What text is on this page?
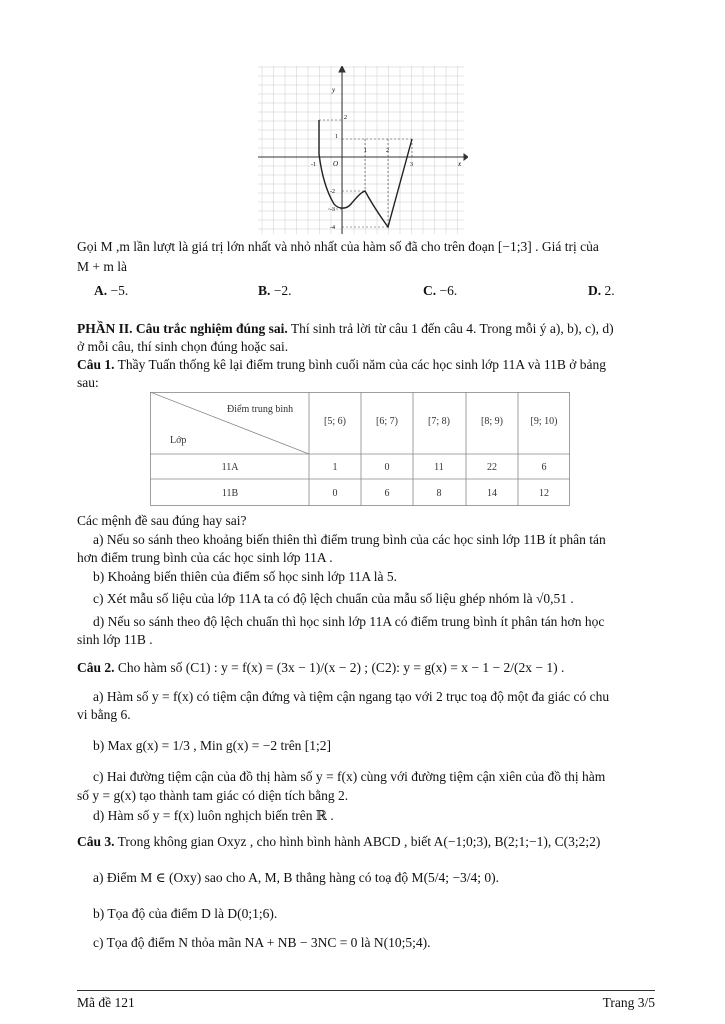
y
x
O
-1
1	2
3
2
1
-2
-3
-4
Gọi M ,m lần lượt là giá trị lớn nhất và nhỏ nhất của hàm số đã cho trên đoạn [−1;3] . Giá trị của
M + m là
A. −5.	B. −2.	C. −6.	D. 2.
PHẦN II. Câu trắc nghiệm đúng sai. Thí sinh trả lời từ câu 1 đến câu 4. Trong mỗi ý a), b), c), d)
ở mỗi câu, thí sinh chọn đúng hoặc sai.
Câu 1. Thầy Tuấn thống kê lại điểm trung bình cuối năm của các học sinh lớp 11A và 11B ở bảng
sau:
Điểm trung bình
Lớp
[5; 6)	[6; 7)	[7; 8)	[8; 9)	[9; 10)
11A	1	0	11	22	6
11B	0	6	8	14	12
Các mệnh đề sau đúng hay sai?
a) Nếu so sánh theo khoảng biến thiên thì điểm trung bình của các học sinh lớp 11B ít phân tán
hơn điểm trung bình của các học sinh lớp 11A .
b) Khoảng biến thiên của điểm số học sinh lớp 11A là 5.
c) Xét mẫu số liệu của lớp 11A ta có độ lệch chuẩn của mẫu số liệu ghép nhóm là √0,51 .
d) Nếu so sánh theo độ lệch chuẩn thì học sinh lớp 11A có điểm trung bình ít phân tán hơn học
sinh lớp 11B .
Câu 2. Cho hàm số (C1) : y = f(x) = (3x − 1)/(x − 2) ; (C2): y = g(x) = x − 1 − 2/(2x − 1) .
a) Hàm số y = f(x) có tiệm cận đứng và tiệm cận ngang tạo với 2 trục toạ độ một đa giác có chu
vi bằng 6.
b) Max g(x) = 1/3 , Min g(x) = −2 trên [1;2]
c) Hai đường tiệm cận của đồ thị hàm số y = f(x) cùng với đường tiệm cận xiên của đồ thị hàm
số y = g(x) tạo thành tam giác có diện tích bằng 2.
d) Hàm số y = f(x) luôn nghịch biến trên ℝ .
Câu 3. Trong không gian Oxyz , cho hình bình hành ABCD , biết A(−1;0;3), B(2;1;−1), C(3;2;2)
a) Điểm M ∈ (Oxy) sao cho A, M, B thẳng hàng có toạ độ M(5/4; −3/4; 0).
b) Tọa độ của điểm D là D(0;1;6).
c) Tọa độ điểm N thỏa mãn NA + NB − 3NC = 0 là N(10;5;4).
Mã đề 121	Trang 3/5
